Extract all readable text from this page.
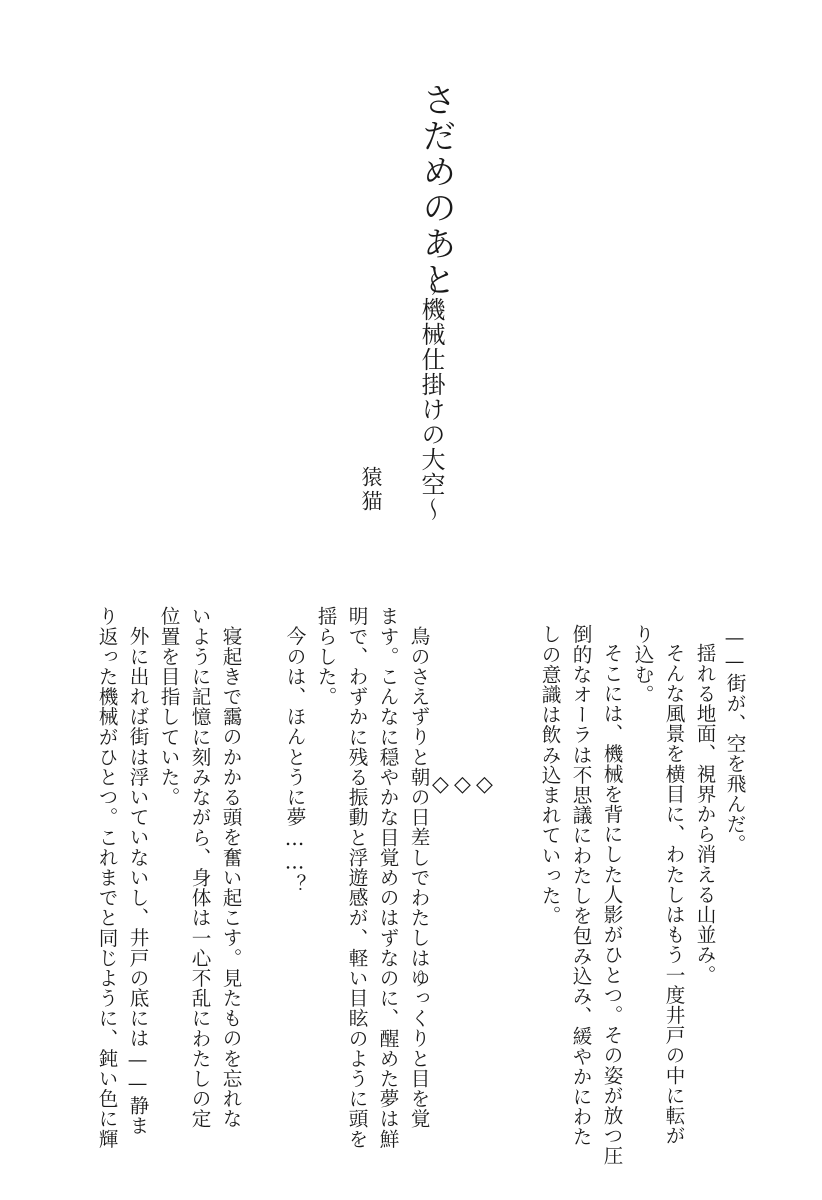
さだめのあと
〜機械仕掛けの大空〜
猿猫
——街が、空を飛んだ。
揺れる地面、視界から消える山並み。
そんな風景を横目に、わたしはもう一度井戸の中に転が
り込む。
そこには、機械を背にした人影がひとつ。その姿が放つ圧
倒的なオーラは不思議にわたしを包み込み、緩やかにわた
しの意識は飲み込まれていった。
◇
◇
◇
鳥のさえずりと朝の日差しでわたしはゆっくりと目を覚
ます。こんなに穏やかな目覚めのはずなのに、醒めた夢は鮮
明で、わずかに残る振動と浮遊感が、軽い目眩のように頭を
揺らした。
今のは、ほんとうに夢……？
寝起きで靄のかかる頭を奮い起こす。見たものを忘れな
いように記憶に刻みながら、身体は一心不乱にわたしの定
位置を目指していた。
外に出れば街は浮いていないし、井戸の底には——静ま
り返った機械がひとつ。これまでと同じように、鈍い色に輝
